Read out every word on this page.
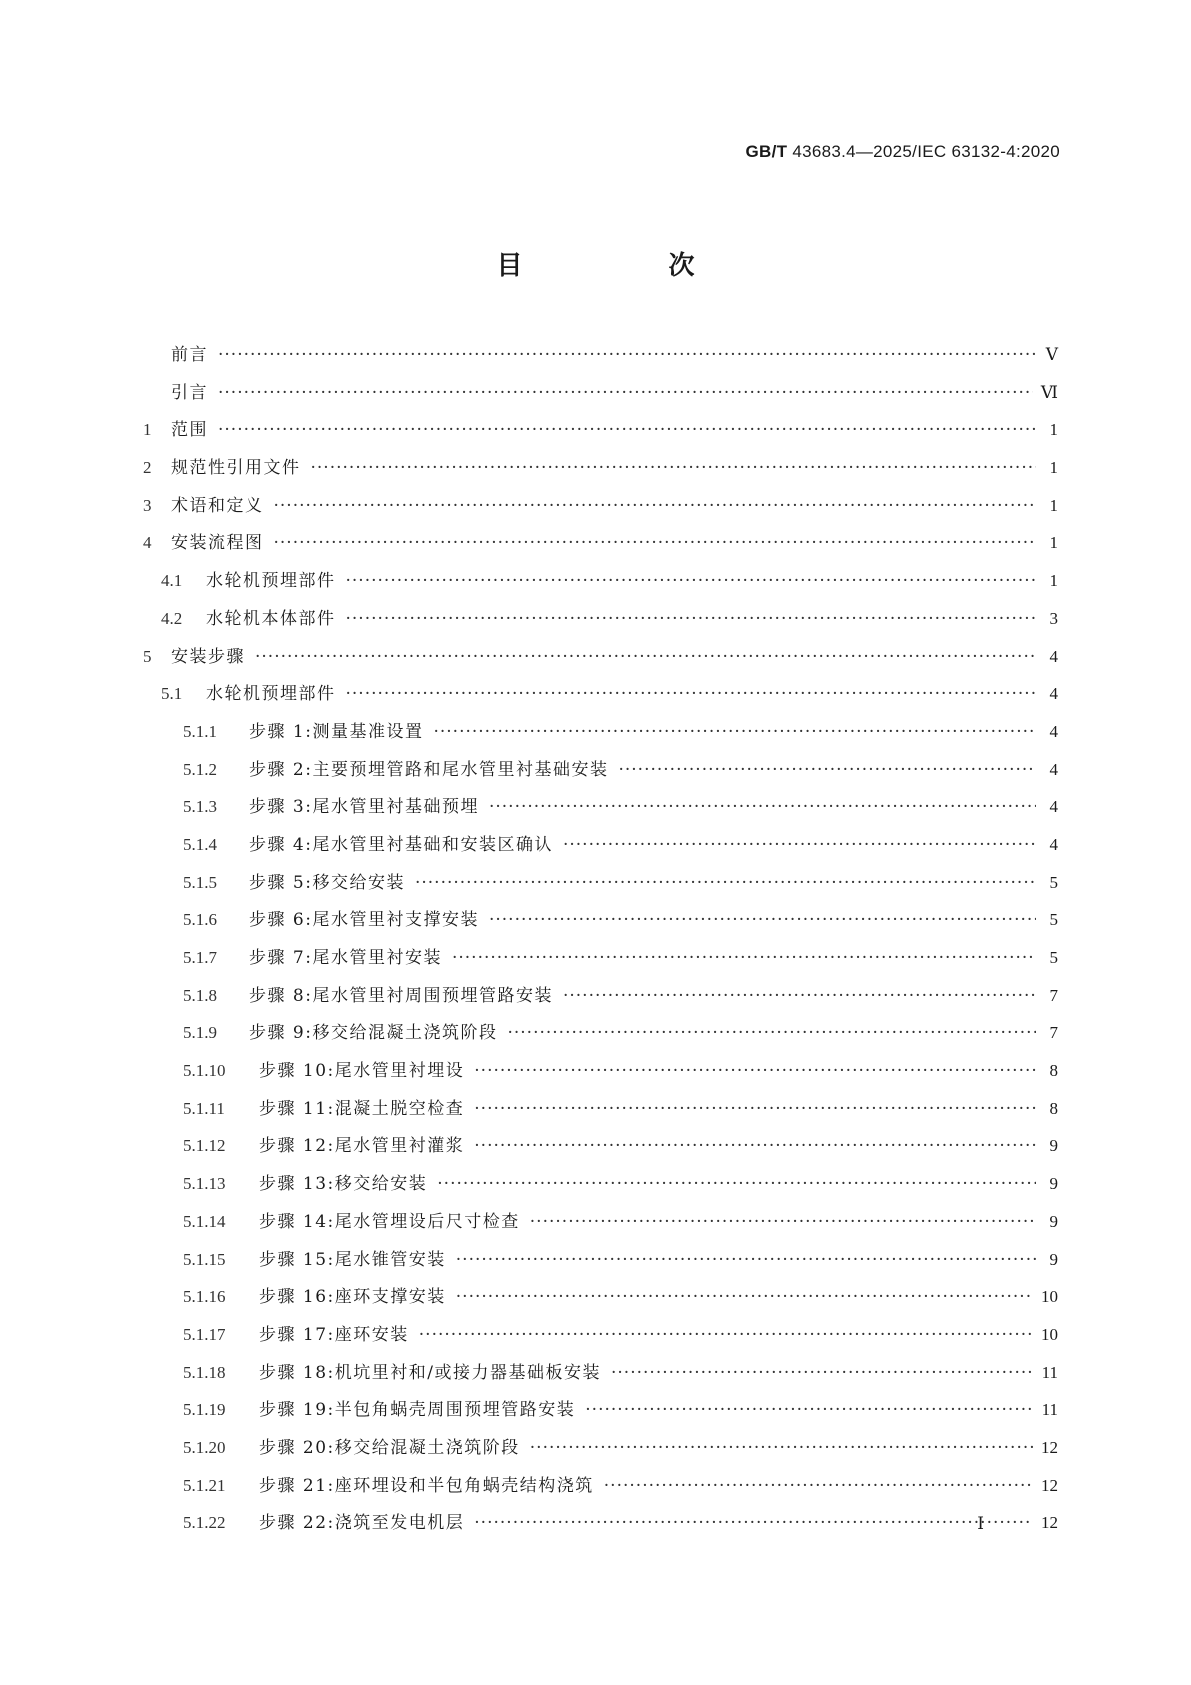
GB/T 43683.4—2025/IEC 63132-4:2020
目　次
前言 ·····	Ⅴ
引言 ·····	Ⅵ
1	范围 ·····	1
2	规范性引用文件 ·····	1
3	术语和定义 ·····	1
4	安装流程图 ·····	1
4.1	水轮机预埋部件 ·····	1
4.2	水轮机本体部件 ·····	3
5	安装步骤 ·····	4
5.1	水轮机预埋部件 ·····	4
5.1.1	步骤 1:测量基准设置 ·····	4
5.1.2	步骤 2:主要预埋管路和尾水管里衬基础安装 ·····	4
5.1.3	步骤 3:尾水管里衬基础预埋 ·····	4
5.1.4	步骤 4:尾水管里衬基础和安装区确认 ·····	4
5.1.5	步骤 5:移交给安装 ·····	5
5.1.6	步骤 6:尾水管里衬支撑安装 ·····	5
5.1.7	步骤 7:尾水管里衬安装 ·····	5
5.1.8	步骤 8:尾水管里衬周围预埋管路安装 ·····	7
5.1.9	步骤 9:移交给混凝土浇筑阶段 ·····	7
5.1.10	步骤 10:尾水管里衬埋设 ·····	8
5.1.11	步骤 11:混凝土脱空检查 ·····	8
5.1.12	步骤 12:尾水管里衬灌浆 ·····	9
5.1.13	步骤 13:移交给安装 ·····	9
5.1.14	步骤 14:尾水管埋设后尺寸检查 ·····	9
5.1.15	步骤 15:尾水锥管安装 ·····	9
5.1.16	步骤 16:座环支撑安装 ·····	10
5.1.17	步骤 17:座环安装 ·····	10
5.1.18	步骤 18:机坑里衬和/或接力器基础板安装 ·····	11
5.1.19	步骤 19:半包角蜗壳周围预埋管路安装 ·····	11
5.1.20	步骤 20:移交给混凝土浇筑阶段 ·····	12
5.1.21	步骤 21:座环埋设和半包角蜗壳结构浇筑 ·····	12
5.1.22	步骤 22:浇筑至发电机层 ·····	12
Ⅰ
